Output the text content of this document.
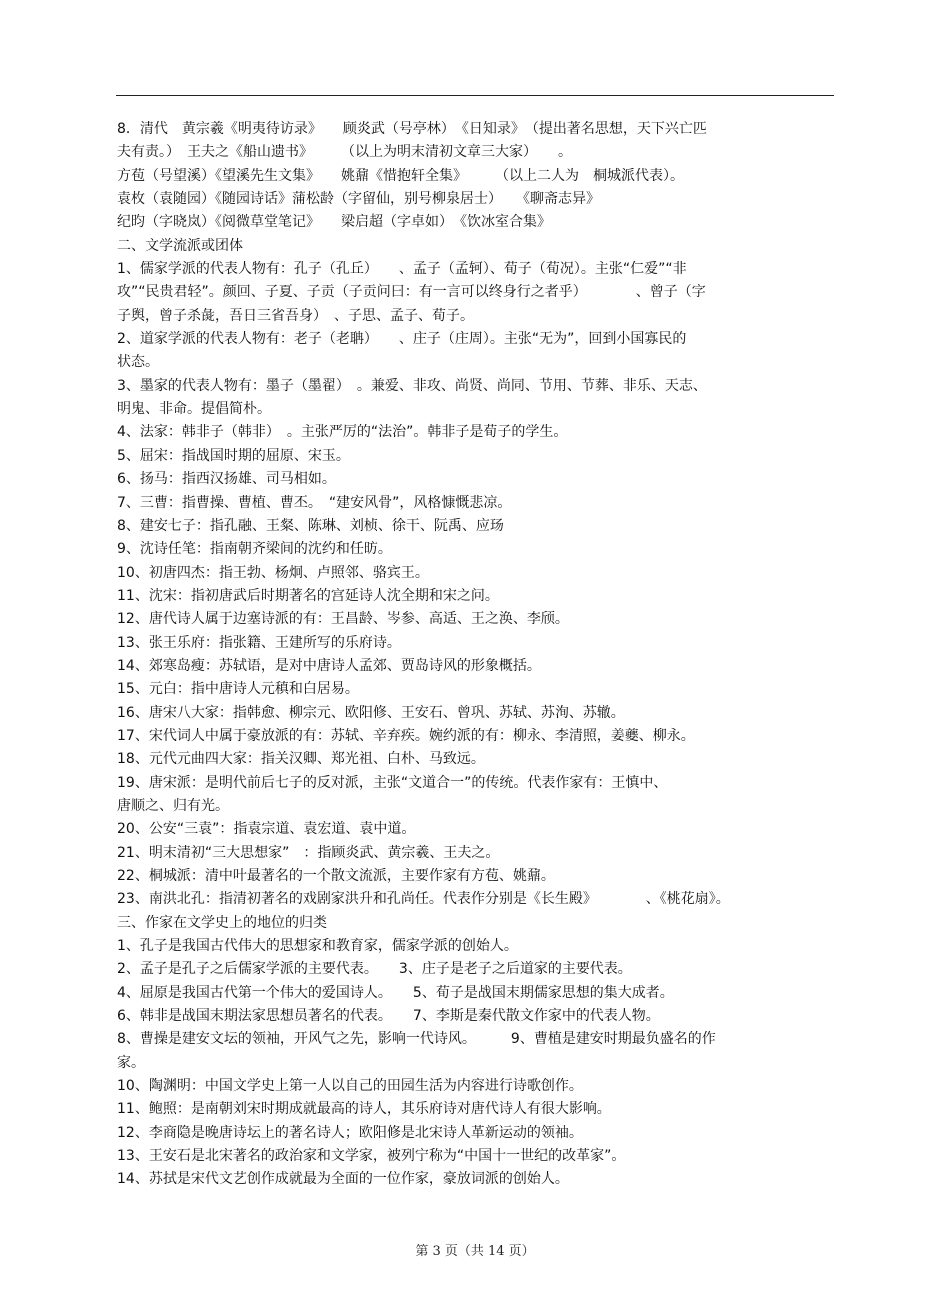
8．清代　黄宗羲《明夷待访录》　　顾炎武（号亭林）　《日知录》　（提出著名思想，天下兴亡匹
夫有责。）　王夫之《船山遗书》　　　（以上为明末清初文章三大家）　　。
方苞（号望溪）《望溪先生文集》　　姚鼐《惜抱轩全集》　　　（以上二人为　桐城派代表）。
袁枚（袁随园）《随园诗话》蒲松龄（字留仙，别号柳泉居士）　　《聊斋志异》
纪昀（字晓岚）《阅微草堂笔记》　　梁启超（字卓如）　《饮冰室合集》
二、文学流派或团体
1、儒家学派的代表人物有：孔子（孔丘）　　、孟子（孟轲）、荀子（荀况）。主张“仁爱”“非
攻”“民贵君轻”。颜回、子夏、子贡（子贡问曰：有一言可以终身行之者乎）　　　　、曾子（字
子舆，曾子杀彘，吾日三省吾身）　、子思、孟子、荀子。
2、道家学派的代表人物有：老子（老聃）　　、庄子（庄周）。主张“无为”，回到小国寡民的
状态。
3、墨家的代表人物有：墨子（墨翟）　。兼爱、非攻、尚贤、尚同、节用、节葬、非乐、天志、
明鬼、非命。提倡简朴。
4、法家：韩非子（韩非）　。主张严厉的“法治”。韩非子是荀子的学生。
5、屈宋：指战国时期的屈原、宋玉。
6、扬马：指西汉扬雄、司马相如。
7、三曹：指曹操、曹植、曹丕。　“建安风骨”，风格慷慨悲凉。
8、建安七子：指孔融、王粲、陈琳、刘桢、徐干、阮禹、应玚
9、沈诗任笔：指南朝齐梁间的沈约和任昉。
10、初唐四杰：指王勃、杨炯、卢照邻、骆宾王。
11、沈宋：指初唐武后时期著名的宫延诗人沈全期和宋之问。
12、唐代诗人属于边塞诗派的有：王昌龄、岑参、高适、王之涣、李颀。
13、张王乐府：指张籍、王建所写的乐府诗。
14、郊寒岛瘦：苏轼语，是对中唐诗人孟郊、贾岛诗风的形象概括。
15、元白：指中唐诗人元稹和白居易。
16、唐宋八大家：指韩愈、柳宗元、欧阳修、王安石、曾巩、苏轼、苏洵、苏辙。
17、宋代词人中属于豪放派的有：苏轼、辛弃疾。婉约派的有：柳永、李清照，姜夔、柳永。
18、元代元曲四大家：指关汉卿、郑光祖、白朴、马致远。
19、唐宋派：是明代前后七子的反对派，主张“文道合一”的传统。代表作家有：王慎中、
唐顺之、归有光。
20、公安“三袁”：指袁宗道、袁宏道、袁中道。
21、明末清初“三大思想家”　：指顾炎武、黄宗羲、王夫之。
22、桐城派：清中叶最著名的一个散文流派，主要作家有方苞、姚鼐。
23、南洪北孔：指清初著名的戏剧家洪升和孔尚任。代表作分别是《长生殿》　　　　、《桃花扇》。
三、作家在文学史上的地位的归类
1、孔子是我国古代伟大的思想家和教育家，儒家学派的创始人。
2、孟子是孔子之后儒家学派的主要代表。　　3、庄子是老子之后道家的主要代表。
4、屈原是我国古代第一个伟大的爱国诗人。　　5、荀子是战国末期儒家思想的集大成者。
6、韩非是战国末期法家思想员著名的代表。　　7、李斯是秦代散文作家中的代表人物。
8、曹操是建安文坛的领袖，开风气之先，影响一代诗风。　　　9、曹植是建安时期最负盛名的作
家。
10、陶渊明：中国文学史上第一人以自己的田园生活为内容进行诗歌创作。
11、鲍照：是南朝刘宋时期成就最高的诗人，其乐府诗对唐代诗人有很大影响。
12、李商隐是晚唐诗坛上的著名诗人；欧阳修是北宋诗人革新运动的领袖。
13、王安石是北宋著名的政治家和文学家，被列宁称为“中国十一世纪的改革家”。
14、苏拭是宋代文艺创作成就最为全面的一位作家，豪放词派的创始人。
第 3 页（共 14 页）
